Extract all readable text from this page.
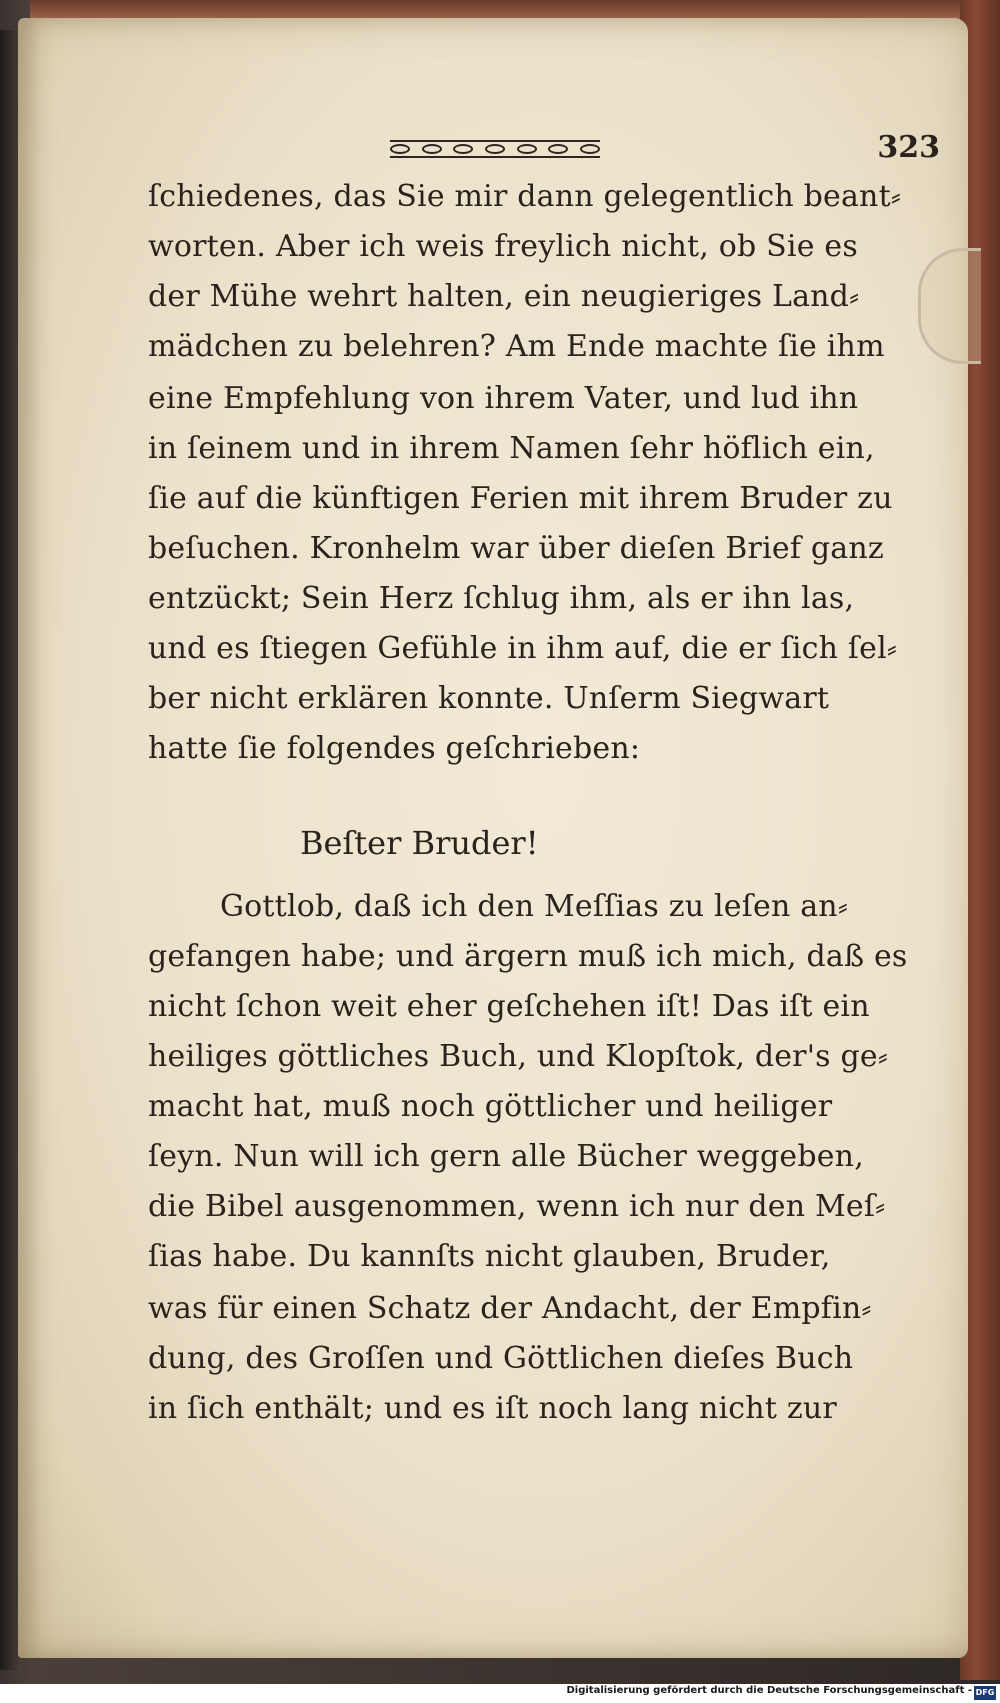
323
ſchiedenes, das Sie mir dann gelegentlich beant⸗
worten. Aber ich weis freylich nicht, ob Sie es
der Mühe wehrt halten, ein neugieriges Land⸗
mädchen zu belehren? Am Ende machte ſie ihm
eine Empfehlung von ihrem Vater, und lud ihn
in ſeinem und in ihrem Namen ſehr höflich ein,
ſie auf die künftigen Ferien mit ihrem Bruder zu
beſuchen. Kronhelm war über dieſen Brief ganz
entzückt; Sein Herz ſchlug ihm, als er ihn las,
und es ſtiegen Gefühle in ihm auf, die er ſich ſel⸗
ber nicht erklären konnte. Unſerm Siegwart
hatte ſie folgendes geſchrieben:
Beſter Bruder!
Gottlob, daß ich den Meſſias zu leſen an⸗
gefangen habe; und ärgern muß ich mich, daß es
nicht ſchon weit eher geſchehen iſt! Das iſt ein
heiliges göttliches Buch, und Klopſtok, der's ge⸗
macht hat, muß noch göttlicher und heiliger
ſeyn. Nun will ich gern alle Bücher weggeben,
die Bibel ausgenommen, wenn ich nur den Meſ⸗
ſias habe. Du kannſts nicht glauben, Bruder,
was für einen Schatz der Andacht, der Empfin⸗
dung, des Groſſen und Göttlichen dieſes Buch
in ſich enthält; und es iſt noch lang nicht zur
Digitalisierung gefördert durch die Deutsche Forschungsgemeinschaft - DFG
